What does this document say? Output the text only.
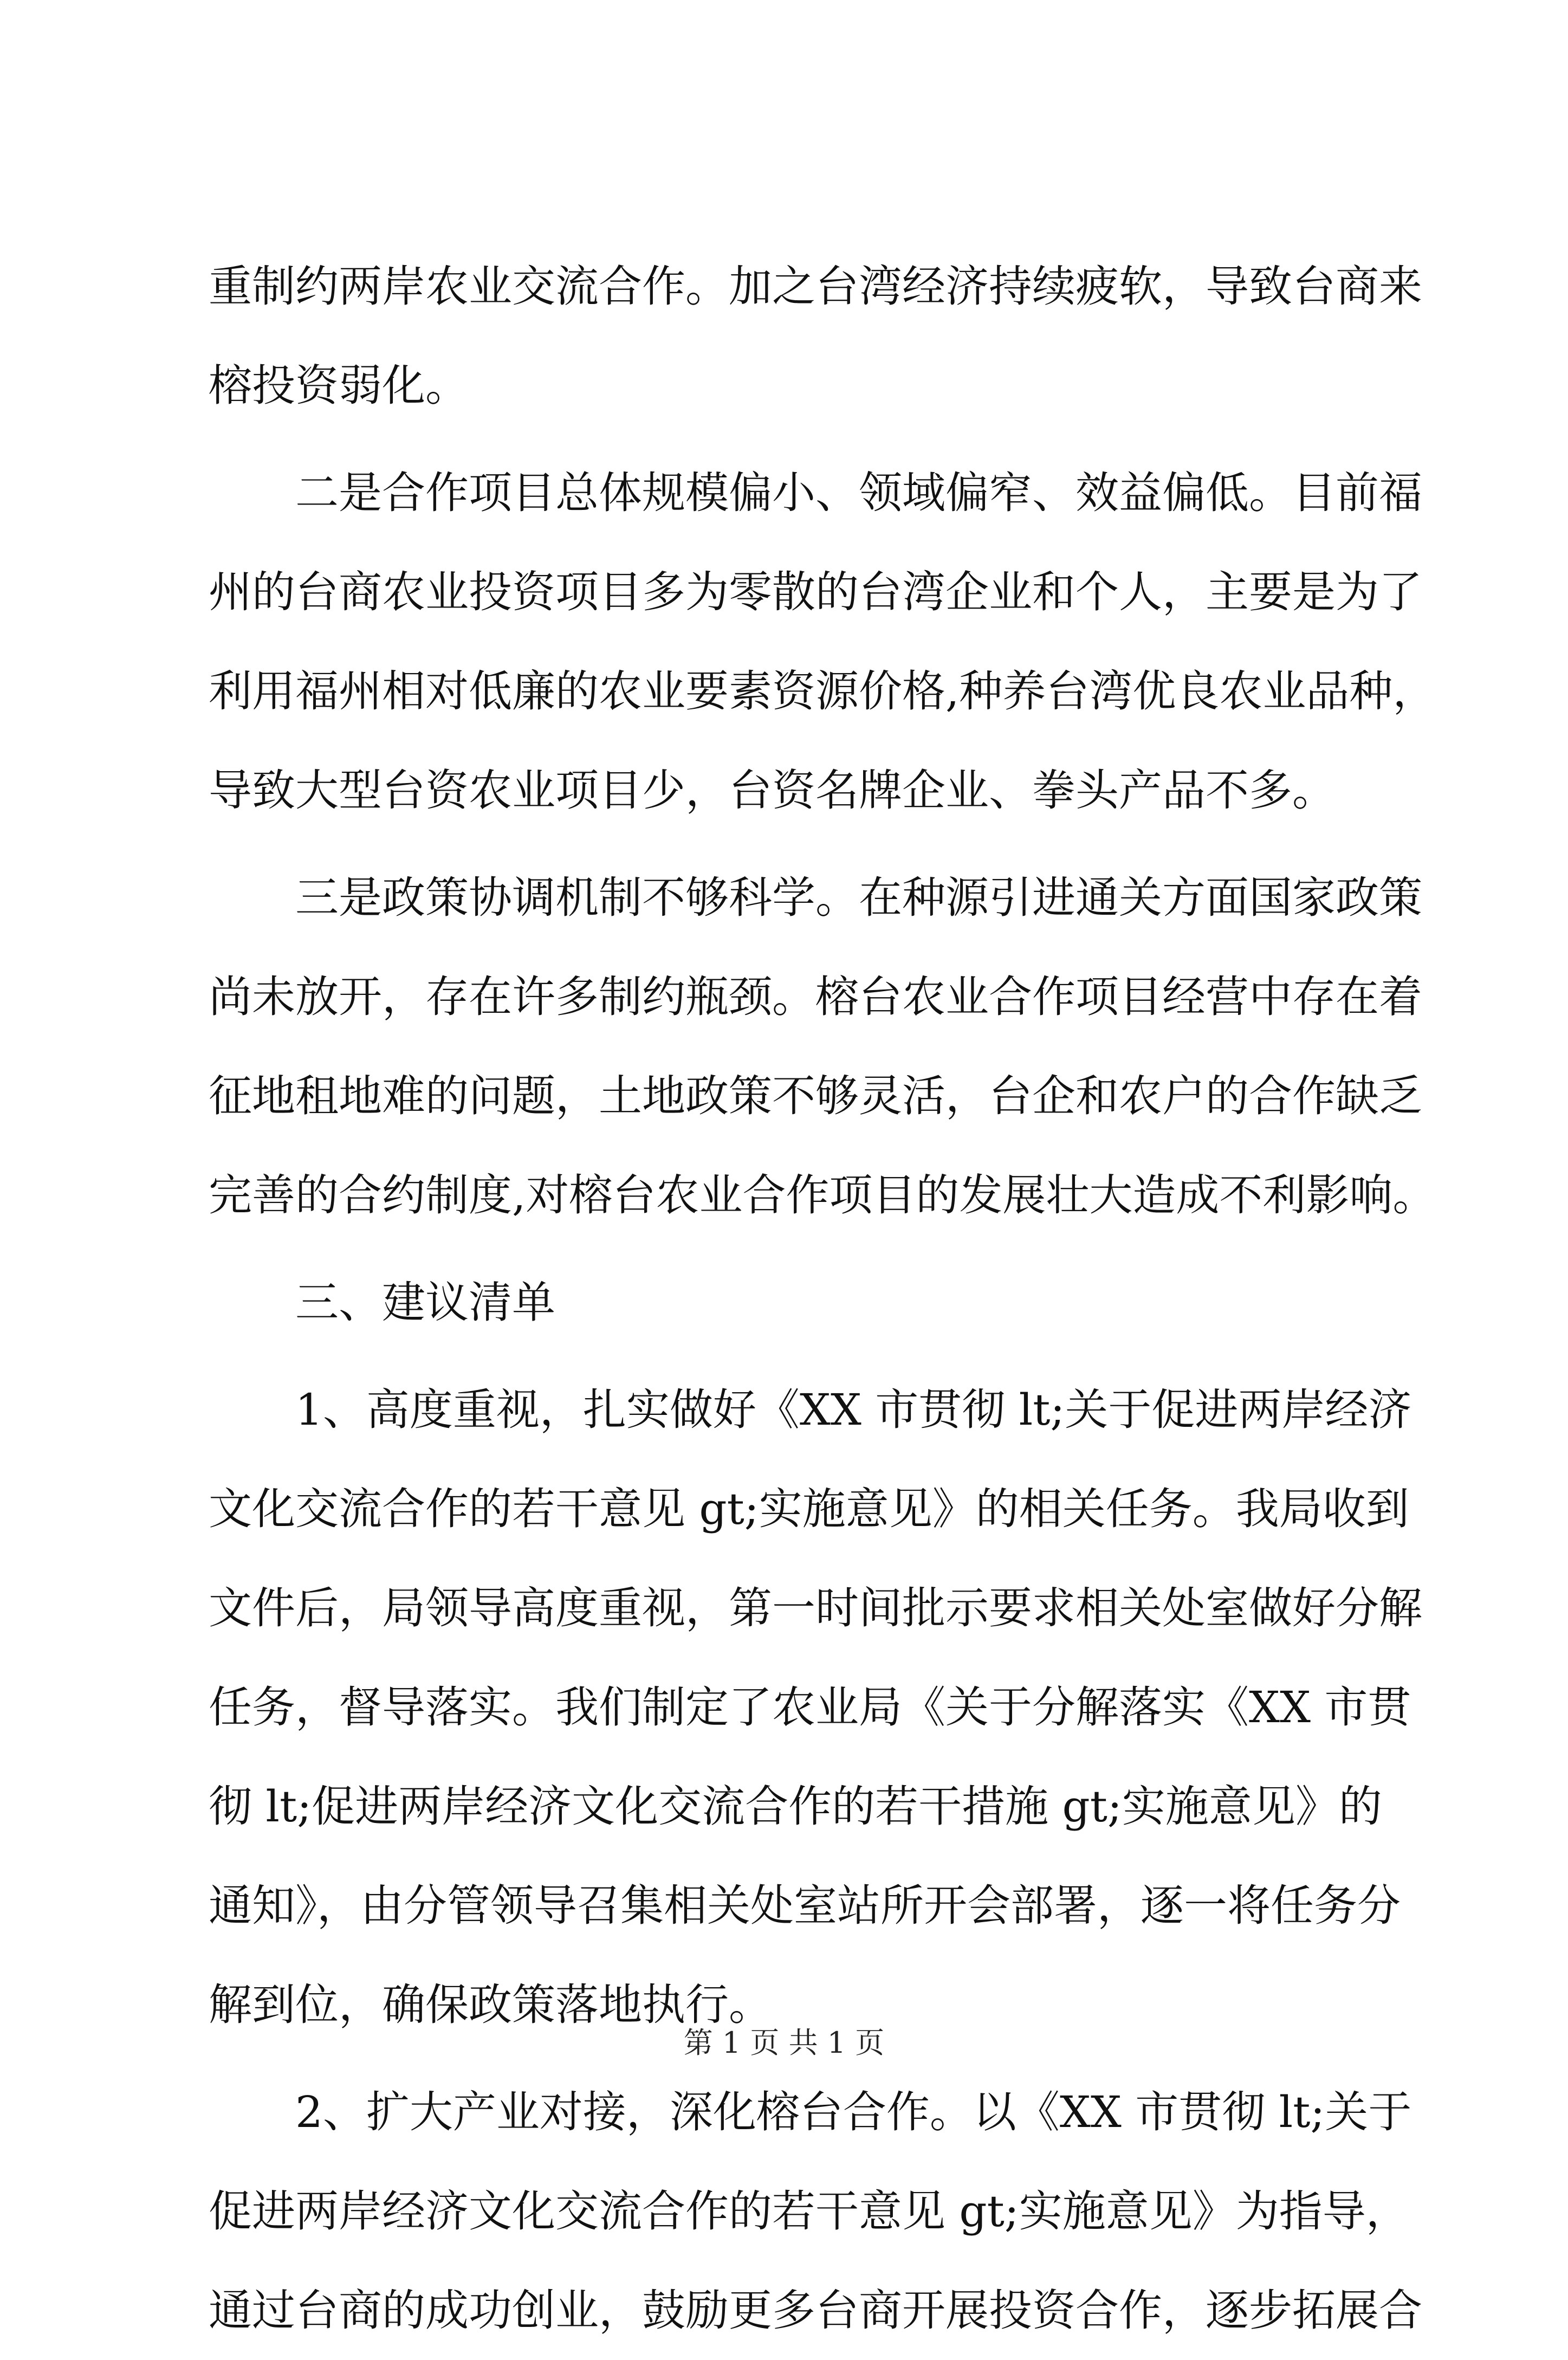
重制约两岸农业交流合作。加之台湾经济持续疲软，导致台商来
榕投资弱化。
二是合作项目总体规模偏小、领域偏窄、效益偏低。目前福
州的台商农业投资项目多为零散的台湾企业和个人，主要是为了
利用福州相对低廉的农业要素资源价格,种养台湾优良农业品种，
导致大型台资农业项目少，台资名牌企业、拳头产品不多。
三是政策协调机制不够科学。在种源引进通关方面国家政策
尚未放开，存在许多制约瓶颈。榕台农业合作项目经营中存在着
征地租地难的问题，土地政策不够灵活，台企和农户的合作缺乏
完善的合约制度,对榕台农业合作项目的发展壮大造成不利影响。
三、建议清单
1、高度重视，扎实做好《XX 市贯彻 lt;关于促进两岸经济
文化交流合作的若干意见 gt;实施意见》的相关任务。我局收到
文件后，局领导高度重视，第一时间批示要求相关处室做好分解
任务，督导落实。我们制定了农业局《关于分解落实《XX 市贯
彻 lt;促进两岸经济文化交流合作的若干措施 gt;实施意见》的
通知》，由分管领导召集相关处室站所开会部署，逐一将任务分
解到位，确保政策落地执行。
2、扩大产业对接，深化榕台合作。以《XX 市贯彻 lt;关于
促进两岸经济文化交流合作的若干意见 gt;实施意见》为指导，
通过台商的成功创业，鼓励更多台商开展投资合作，逐步拓展合
第 1 页 共 1 页
